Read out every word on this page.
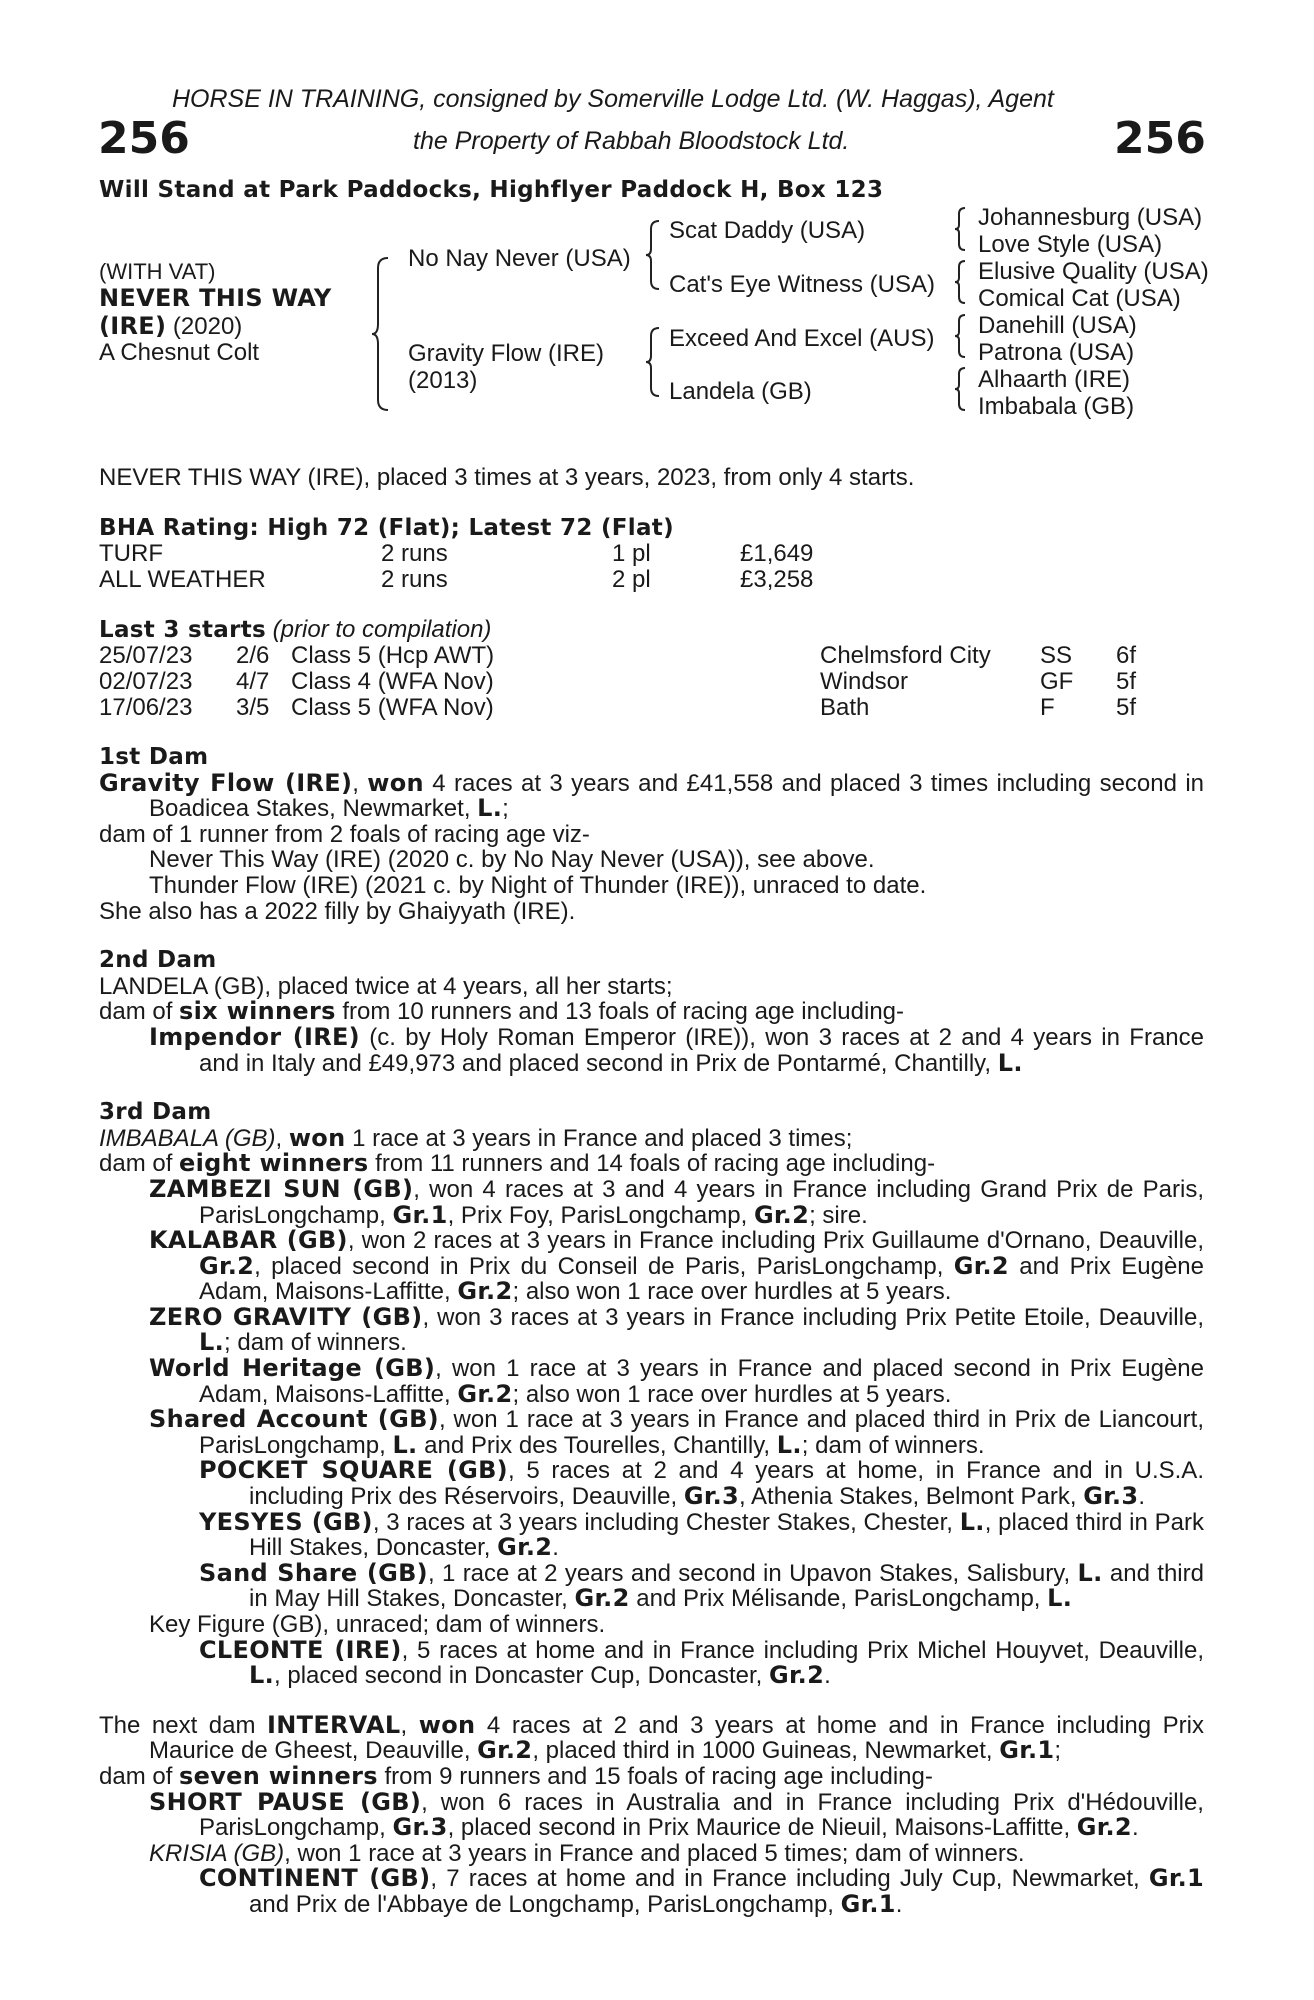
HORSE IN TRAINING, consigned by Somerville Lodge Ltd. (W. Haggas), Agent
256	the Property of Rabbah Bloodstock Ltd.	256
Will Stand at Park Paddocks, Highflyer Paddock H, Box 123
(WITH VAT)
NEVER THIS WAY
(IRE) (2020)
A Chesnut Colt
No Nay Never (USA)
Gravity Flow (IRE)
(2013)
Scat Daddy (USA)
Cat's Eye Witness (USA)
Exceed And Excel (AUS)
Landela (GB)
Johannesburg (USA)
Love Style (USA)
Elusive Quality (USA)
Comical Cat (USA)
Danehill (USA)
Patrona (USA)
Alhaarth (IRE)
Imbabala (GB)
NEVER THIS WAY (IRE), placed 3 times at 3 years, 2023, from only 4 starts.
BHA Rating: High 72 (Flat); Latest 72 (Flat)
TURF	2 runs	1 pl	£1,649
ALL WEATHER	2 runs	2 pl	£3,258
Last 3 starts (prior to compilation)
25/07/23 2/6 Class 5 (Hcp AWT)	Chelmsford City SS 6f
02/07/23 4/7 Class 4 (WFA Nov)	Windsor	GF 5f
17/06/23 3/5 Class 5 (WFA Nov)	Bath	F	5f

1st Dam

Gravity Flow (IRE), won 4 races at 3 years and £41,558 and placed 3 times including second in Boadicea Stakes, Newmarket, L.;

dam of 1 runner from 2 foals of racing age viz-

Never This Way (IRE) (2020 c. by No Nay Never (USA)), see above.

Thunder Flow (IRE) (2021 c. by Night of Thunder (IRE)), unraced to date.

She also has a 2022 filly by Ghaiyyath (IRE).

2nd Dam

LANDELA (GB), placed twice at 4 years, all her starts;

dam of six winners from 10 runners and 13 foals of racing age including-

Impendor (IRE) (c. by Holy Roman Emperor (IRE)), won 3 races at 2 and 4 years in France and in Italy and £49,973 and placed second in Prix de Pontarmé, Chantilly, L.

3rd Dam

IMBABALA (GB), won 1 race at 3 years in France and placed 3 times;

dam of eight winners from 11 runners and 14 foals of racing age including-

ZAMBEZI SUN (GB), won 4 races at 3 and 4 years in France including Grand Prix de Paris, ParisLongchamp, Gr.1, Prix Foy, ParisLongchamp, Gr.2; sire.

KALABAR (GB), won 2 races at 3 years in France including Prix Guillaume d'Ornano, Deauville, Gr.2, placed second in Prix du Conseil de Paris, ParisLongchamp, Gr.2 and Prix Eugène Adam, Maisons-Laffitte, Gr.2; also won 1 race over hurdles at 5 years.

ZERO GRAVITY (GB), won 3 races at 3 years in France including Prix Petite Etoile, Deauville, L.; dam of winners.

World Heritage (GB), won 1 race at 3 years in France and placed second in Prix Eugène Adam, Maisons-Laffitte, Gr.2; also won 1 race over hurdles at 5 years.

Shared Account (GB), won 1 race at 3 years in France and placed third in Prix de Liancourt, ParisLongchamp, L. and Prix des Tourelles, Chantilly, L.; dam of winners.

POCKET SQUARE (GB), 5 races at 2 and 4 years at home, in France and in U.S.A. including Prix des Réservoirs, Deauville, Gr.3, Athenia Stakes, Belmont Park, Gr.3.

YESYES (GB), 3 races at 3 years including Chester Stakes, Chester, L., placed third in Park Hill Stakes, Doncaster, Gr.2.

Sand Share (GB), 1 race at 2 years and second in Upavon Stakes, Salisbury, L. and third in May Hill Stakes, Doncaster, Gr.2 and Prix Mélisande, ParisLongchamp, L.

Key Figure (GB), unraced; dam of winners.

CLEONTE (IRE), 5 races at home and in France including Prix Michel Houyvet, Deauville, L., placed second in Doncaster Cup, Doncaster, Gr.2.

The next dam INTERVAL, won 4 races at 2 and 3 years at home and in France including Prix Maurice de Gheest, Deauville, Gr.2, placed third in 1000 Guineas, Newmarket, Gr.1;

dam of seven winners from 9 runners and 15 foals of racing age including-

SHORT PAUSE (GB), won 6 races in Australia and in France including Prix d'Hédouville, ParisLongchamp, Gr.3, placed second in Prix Maurice de Nieuil, Maisons-Laffitte, Gr.2.

KRISIA (GB), won 1 race at 3 years in France and placed 5 times; dam of winners.

CONTINENT (GB), 7 races at home and in France including July Cup, Newmarket, Gr.1 and Prix de l'Abbaye de Longchamp, ParisLongchamp, Gr.1.
